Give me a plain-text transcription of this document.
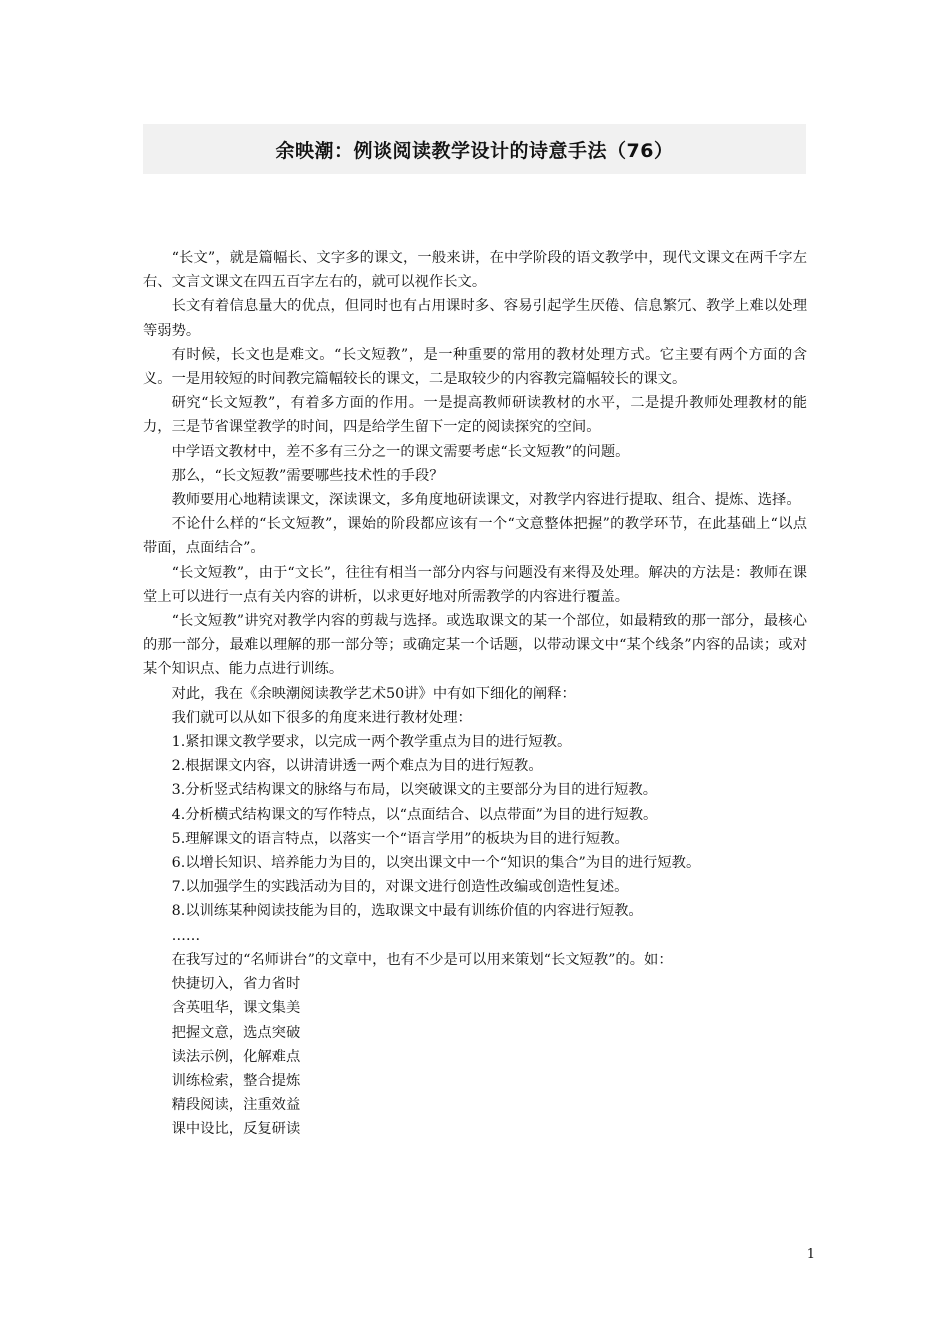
余映潮：例谈阅读教学设计的诗意手法（76）

“长文”，就是篇幅长、文字多的课文，一般来讲，在中学阶段的语文教学中，现代文课文在两千字左右、文言文课文在四五百字左右的，就可以视作长文。

长文有着信息量大的优点，但同时也有占用课时多、容易引起学生厌倦、信息繁冗、教学上难以处理等弱势。

有时候，长文也是难文。“长文短教”，是一种重要的常用的教材处理方式。它主要有两个方面的含义。一是用较短的时间教完篇幅较长的课文，二是取较少的内容教完篇幅较长的课文。

研究“长文短教”，有着多方面的作用。一是提高教师研读教材的水平，二是提升教师处理教材的能力，三是节省课堂教学的时间，四是给学生留下一定的阅读探究的空间。

中学语文教材中，差不多有三分之一的课文需要考虑“长文短教”的问题。

那么，“长文短教”需要哪些技术性的手段？

教师要用心地精读课文，深读课文，多角度地研读课文，对教学内容进行提取、组合、提炼、选择。

不论什么样的“长文短教”，课始的阶段都应该有一个“文意整体把握”的教学环节，在此基础上“以点带面，点面结合”。

“长文短教”，由于“文长”，往往有相当一部分内容与问题没有来得及处理。解决的方法是：教师在课堂上可以进行一点有关内容的讲析，以求更好地对所需教学的内容进行覆盖。

“长文短教”讲究对教学内容的剪裁与选择。或选取课文的某一个部位，如最精致的那一部分，最核心的那一部分，最难以理解的那一部分等；或确定某一个话题，以带动课文中“某个线条”内容的品读；或对某个知识点、能力点进行训练。

对此，我在《余映潮阅读教学艺术50讲》中有如下细化的阐释：

我们就可以从如下很多的角度来进行教材处理：

1.紧扣课文教学要求，以完成一两个教学重点为目的进行短教。

2.根据课文内容，以讲清讲透一两个难点为目的进行短教。

3.分析竖式结构课文的脉络与布局，以突破课文的主要部分为目的进行短教。

4.分析横式结构课文的写作特点，以“点面结合、以点带面”为目的进行短教。

5.理解课文的语言特点，以落实一个“语言学用”的板块为目的进行短教。

6.以增长知识、培养能力为目的，以突出课文中一个“知识的集合”为目的进行短教。

7.以加强学生的实践活动为目的，对课文进行创造性改编或创造性复述。

8.以训练某种阅读技能为目的，选取课文中最有训练价值的内容进行短教。

……

在我写过的“名师讲台”的文章中，也有不少是可以用来策划“长文短教”的。如：

快捷切入，省力省时

含英咀华，课文集美

把握文意，选点突破

读法示例，化解难点

训练检索，整合提炼

精段阅读，注重效益

课中设比，反复研读

1
